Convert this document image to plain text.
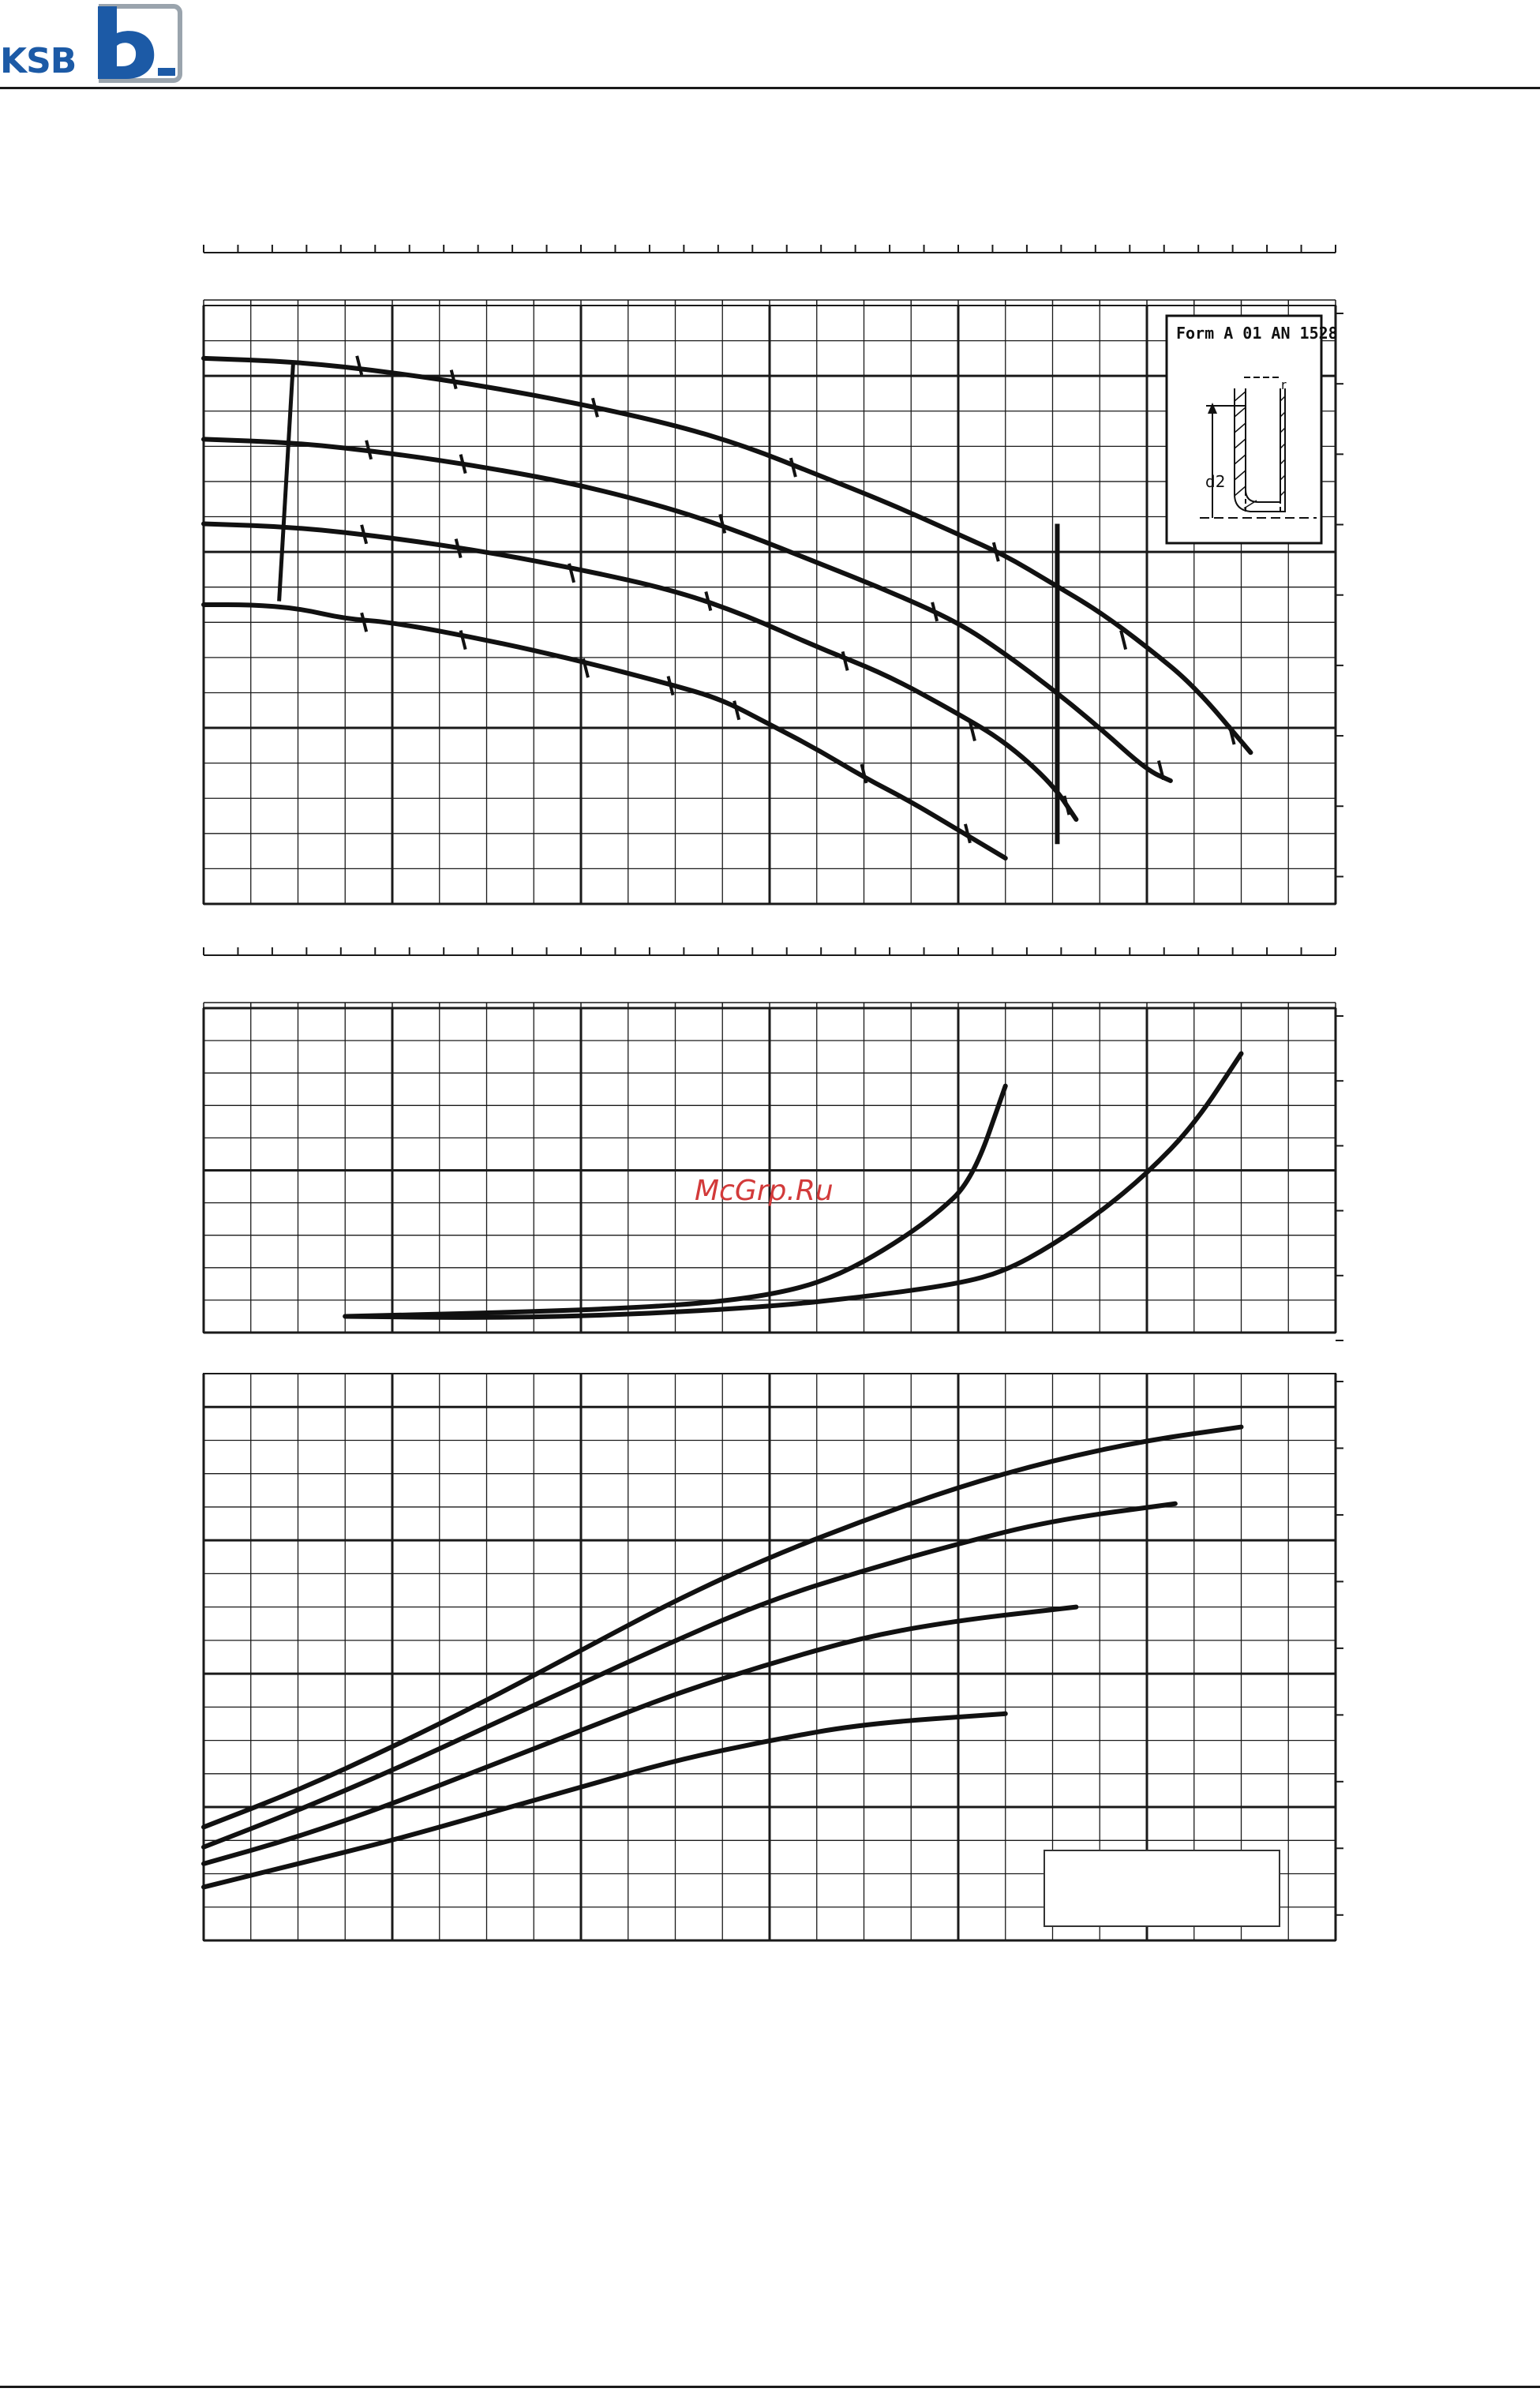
KSB
McGrp.Ru
Form A 01 AN 1528
d2
r
